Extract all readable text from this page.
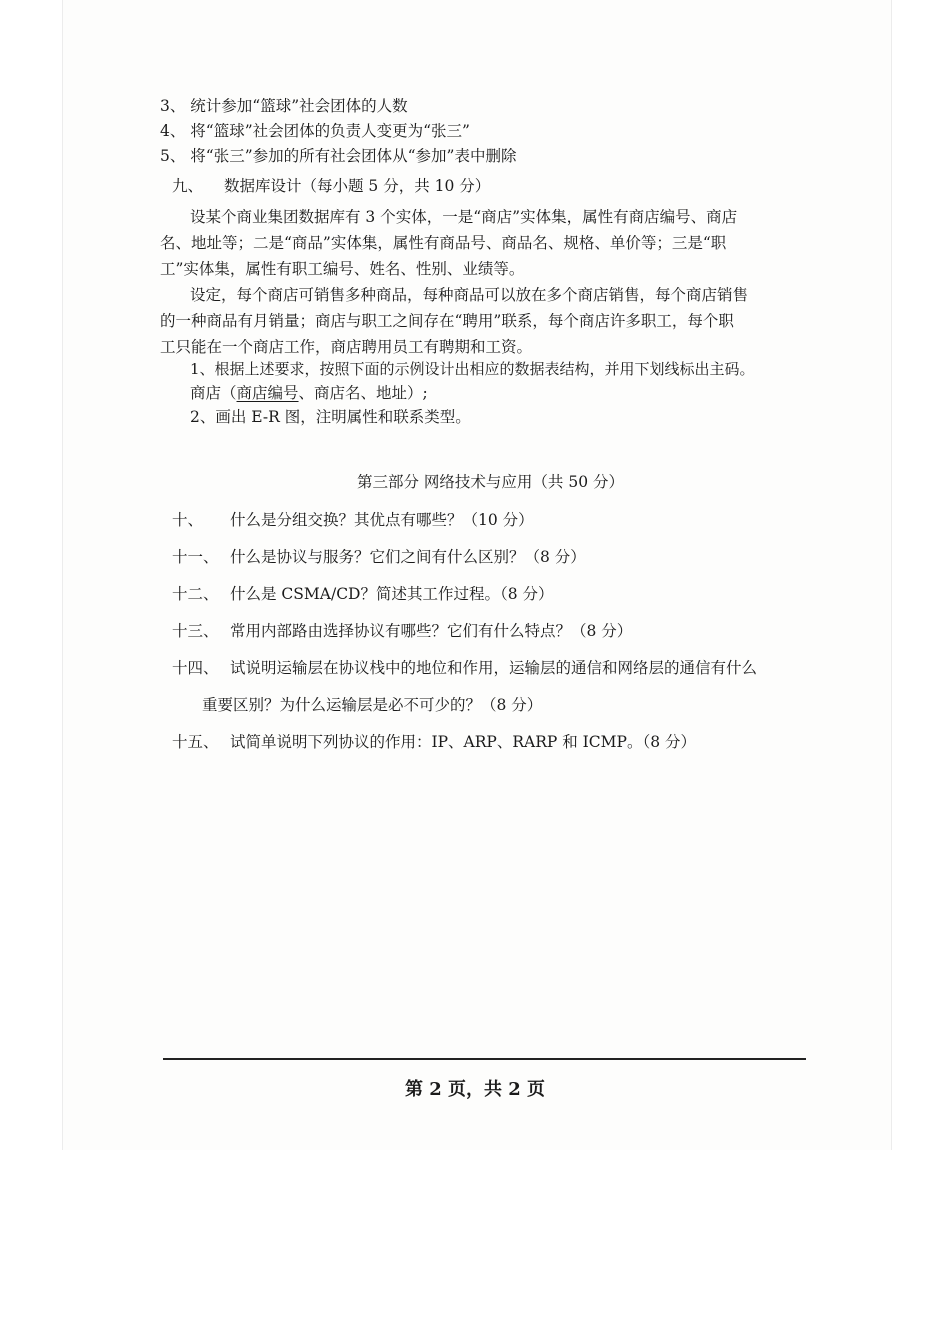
3、 统计参加“篮球”社会团体的人数
4、 将“篮球”社会团体的负责人变更为“张三”
5、 将“张三”参加的所有社会团体从“参加”表中删除
九、 数据库设计（每小题 5 分，共 10 分）
设某个商业集团数据库有 3 个实体，一是“商店”实体集，属性有商店编号、商店
名、地址等；二是“商品”实体集，属性有商品号、商品名、规格、单价等；三是“职
工”实体集，属性有职工编号、姓名、性别、业绩等。
设定，每个商店可销售多种商品，每种商品可以放在多个商店销售，每个商店销售
的一种商品有月销量；商店与职工之间存在“聘用”联系，每个商店许多职工，每个职
工只能在一个商店工作，商店聘用员工有聘期和工资。
1、根据上述要求，按照下面的示例设计出相应的数据表结构，并用下划线标出主码。
商店（商店编号、商店名、地址）;
2、画出 E-R 图，注明属性和联系类型。
第三部分 网络技术与应用（共 50 分）
十、 什么是分组交换？其优点有哪些？（10 分）
十一、 什么是协议与服务？它们之间有什么区别？（8 分）
十二、 什么是 CSMA/CD？简述其工作过程。（8 分）
十三、 常用内部路由选择协议有哪些？它们有什么特点？（8 分）
十四、 试说明运输层在协议栈中的地位和作用，运输层的通信和网络层的通信有什么
重要区别？为什么运输层是必不可少的？（8 分）
十五、 试简单说明下列协议的作用：IP、ARP、RARP 和 ICMP。（8 分）
第 2 页，共 2 页
